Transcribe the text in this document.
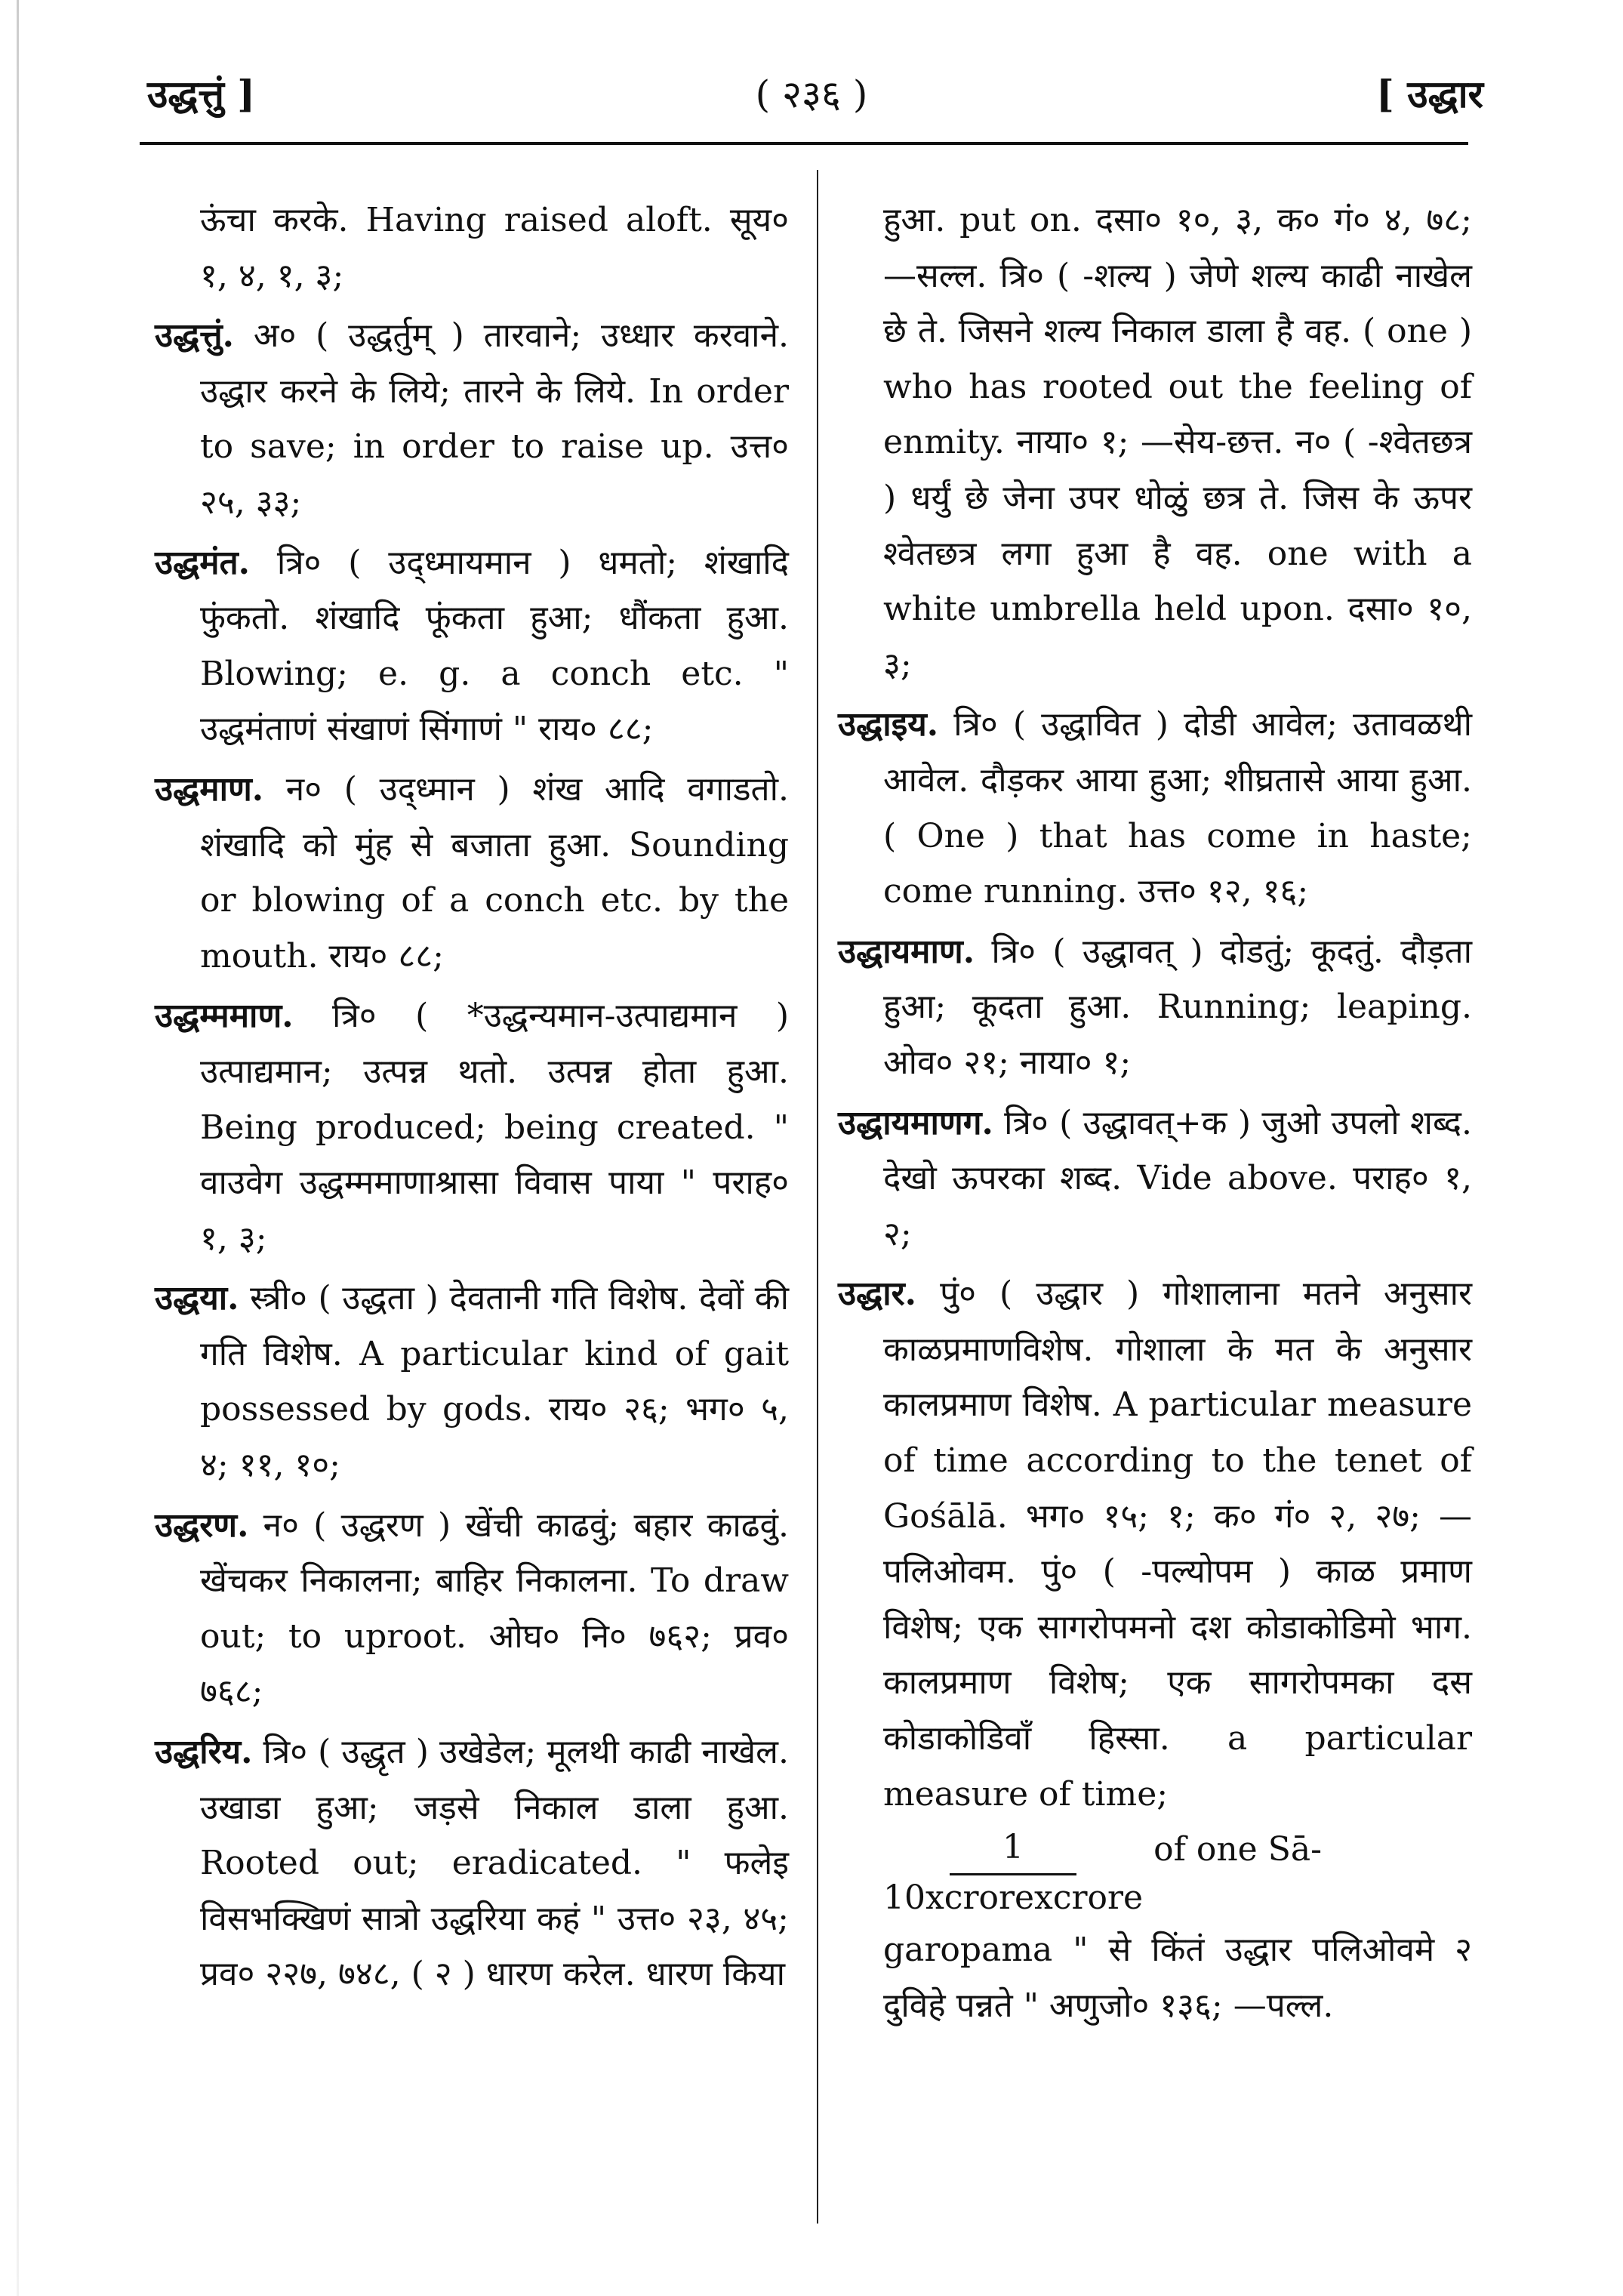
उद्धत्तुं ]	( २३६ )	[ उद्धार

ऊंचा करके. Having raised aloft. सूय० १, ४, १, ३;

उद्धत्तुं. अ० ( उद्धर्तुम् ) तारवाने; उध्धार करवाने. उद्धार करने के लिये; तारने के लिये. In order to save; in order to raise up. उत्त० २५, ३३;

उद्धमंत. त्रि० ( उद्ध्मायमान ) धमतो; शंखादि फुंकतो. शंखादि फूंकता हुआ; धौंकता हुआ. Blowing; e. g. a conch etc. " उद्धमंताणं संखाणं सिंगाणं " राय० ८८;

उद्धमाण. न० ( उद्ध्मान ) शंख आदि वगाडतो. शंखादि को मुंह से बजाता हुआ. Sounding or blowing of a conch etc. by the mouth. राय० ८८;

उद्धम्ममाण. त्रि० ( *उद्धन्यमान-उत्पाद्यमान ) उत्पाद्यमान; उत्पन्न थतो. उत्पन्न होता हुआ. Being produced; being created. " वाउवेग उद्धम्ममाणाश्रासा विवास पाया " पराह० १, ३;

उद्धया. स्त्री० ( उद्धता ) देवतानी गति विशेष. देवों की गति विशेष. A particular kind of gait possessed by gods. राय० २६; भग० ५, ४; ११, १०;

उद्धरण. न० ( उद्धरण ) खेंची काढवुं; बहार काढवुं. खेंचकर निकालना; बाहिर निकालना. To draw out; to uproot. ओघ० नि० ७६२; प्रव० ७६८;

उद्धरिय. त्रि० ( उद्धृत ) उखेडेल; मूलथी काढी नाखेल. उखाडा हुआ; जड़से निकाल डाला हुआ. Rooted out; eradicated. " फलेइ विसभक्खिणं सात्रो उद्धरिया कहं " उत्त० २३, ४५; प्रव० २२७, ७४८, ( २ ) धारण करेल. धारण किया

हुआ. put on. दसा० १०, ३, क० गं० ४, ७८; —सल्ल. त्रि० ( -शल्य ) जेणे शल्य काढी नाखेल छे ते. जिसने शल्य निकाल डाला है वह. ( one ) who has rooted out the feeling of enmity. नाया० १; —सेय-छत्त. न० ( -श्वेतछत्र ) धर्युं छे जेना उपर धोळुं छत्र ते. जिस के ऊपर श्वेतछत्र लगा हुआ है वह. one with a white umbrella held upon. दसा० १०, ३;

उद्धाइय. त्रि० ( उद्धावित ) दोडी आवेल; उतावळथी आवेल. दौड़कर आया हुआ; शीघ्रतासे आया हुआ. ( One ) that has come in haste; come running. उत्त० १२, १६;

उद्धायमाण. त्रि० ( उद्धावत् ) दोडतुं; कूदतुं. दौड़ता हुआ; कूदता हुआ. Running; leaping. ओव० २१; नाया० १;

उद्धायमाणग. त्रि० ( उद्धावत्+क ) जुओ उपलो शब्द. देखो ऊपरका शब्द. Vide above. पराह० १, २;

उद्धार. पुं० ( उद्धार ) गोशालाना मतने अनुसार काळप्रमाणविशेष. गोशाला के मत के अनुसार कालप्रमाण विशेष. A particular measure of time according to the tenet of Gośālā. भग० १५; १; क० गं० २, २७; —पलिओवम. पुं० ( -पल्योपम ) काळ प्रमाण विशेष; एक सागरोपमनो दश कोडाकोडिमो भाग. कालप्रमाण विशेष; एक सागरोपमका दस कोडाकोडिवाँ हिस्सा. a particular measure of time;

$\frac{1}{\text{10xcrorexcrore}}$ of one Sā-

garopama " से किंतं उद्धार पलिओवमे २ दुविहे पन्नते " अणुजो० १३६; —पल्ल.
